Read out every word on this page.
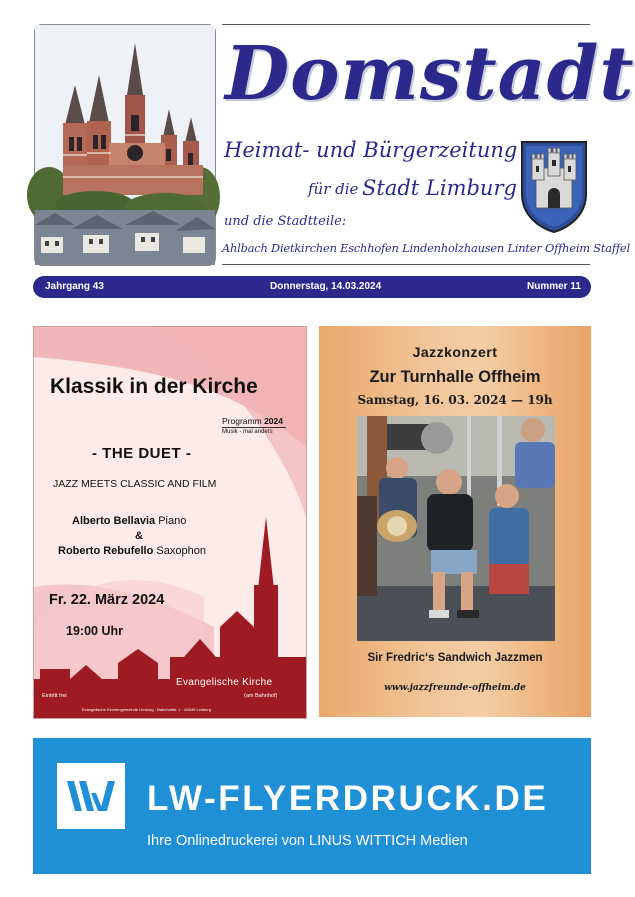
Domstadt
Heimat- und Bürgerzeitung
für die Stadt Limburg
und die Stadtteile:
Ahlbach Dietkirchen Eschhofen Lindenholzhausen Linter Offheim Staffel
Jahrgang 43	Donnerstag, 14.03.2024	Nummer 11
Klassik in der Kirche
Programm 2024
Musik - mal anders
- THE DUET -
JAZZ MEETS CLASSIC AND FILM
Alberto Bellavia Piano
&
Roberto Rebufello Saxophon
Fr. 22. März 2024
19:00 Uhr
Evangelische Kirche
(am Bahnhof)
Eintritt frei
Evangelische Kirchengemeinde Limburg · Bahnhofstr. 1 · 65549 Limburg
Jazzkonzert
Zur Turnhalle Offheim
Samstag, 16. 03. 2024 — 19h
Sir Fredric‘s Sandwich Jazzmen
www.jazzfreunde-offheim.de
LW
LW-FLYERDRUCK.DE
Ihre Onlinedruckerei von LINUS WITTICH Medien
